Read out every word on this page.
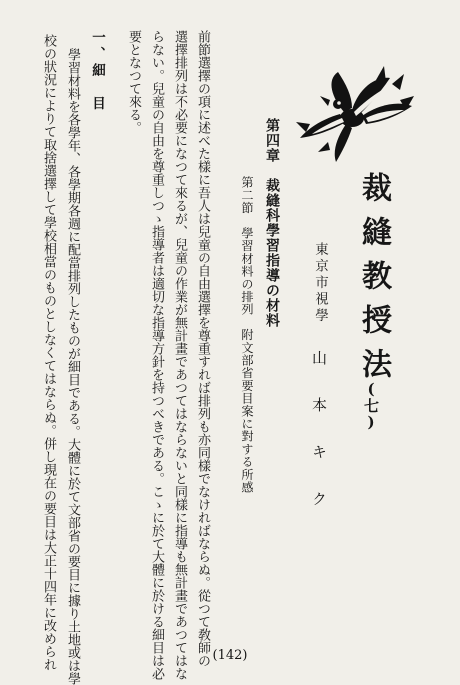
裁縫教授法
(七)
東京市視學
山本キク
第四章　裁縫科學習指導の材料
第二節　學習材料の排列　附文部省要目案に對する所感
前節選擇の項に述べた樣に吾人は兒童の自由選擇を尊重すれば排列も亦同樣でなければならぬ。從つて敎師の
選擇排列は不必要になつて來るが、兒童の作業が無計畫であつてはならないと同樣に指導も無計畫であつてはな
らない。兒童の自由を尊重しつゝ指導者は適切な指導方針を持つべきである。こゝに於て大體に於ける細目は必
要となつて來る。
一、細　目
學習材料を各學年、各學期各週に配當排列したものが細目である。大體に於て文部省の要目に據り土地或は學
校の狀況によりて取捨選擇して學校相當のものとしなくてはならぬ。併し現在の要目は大正十四年に改められ	(142)
